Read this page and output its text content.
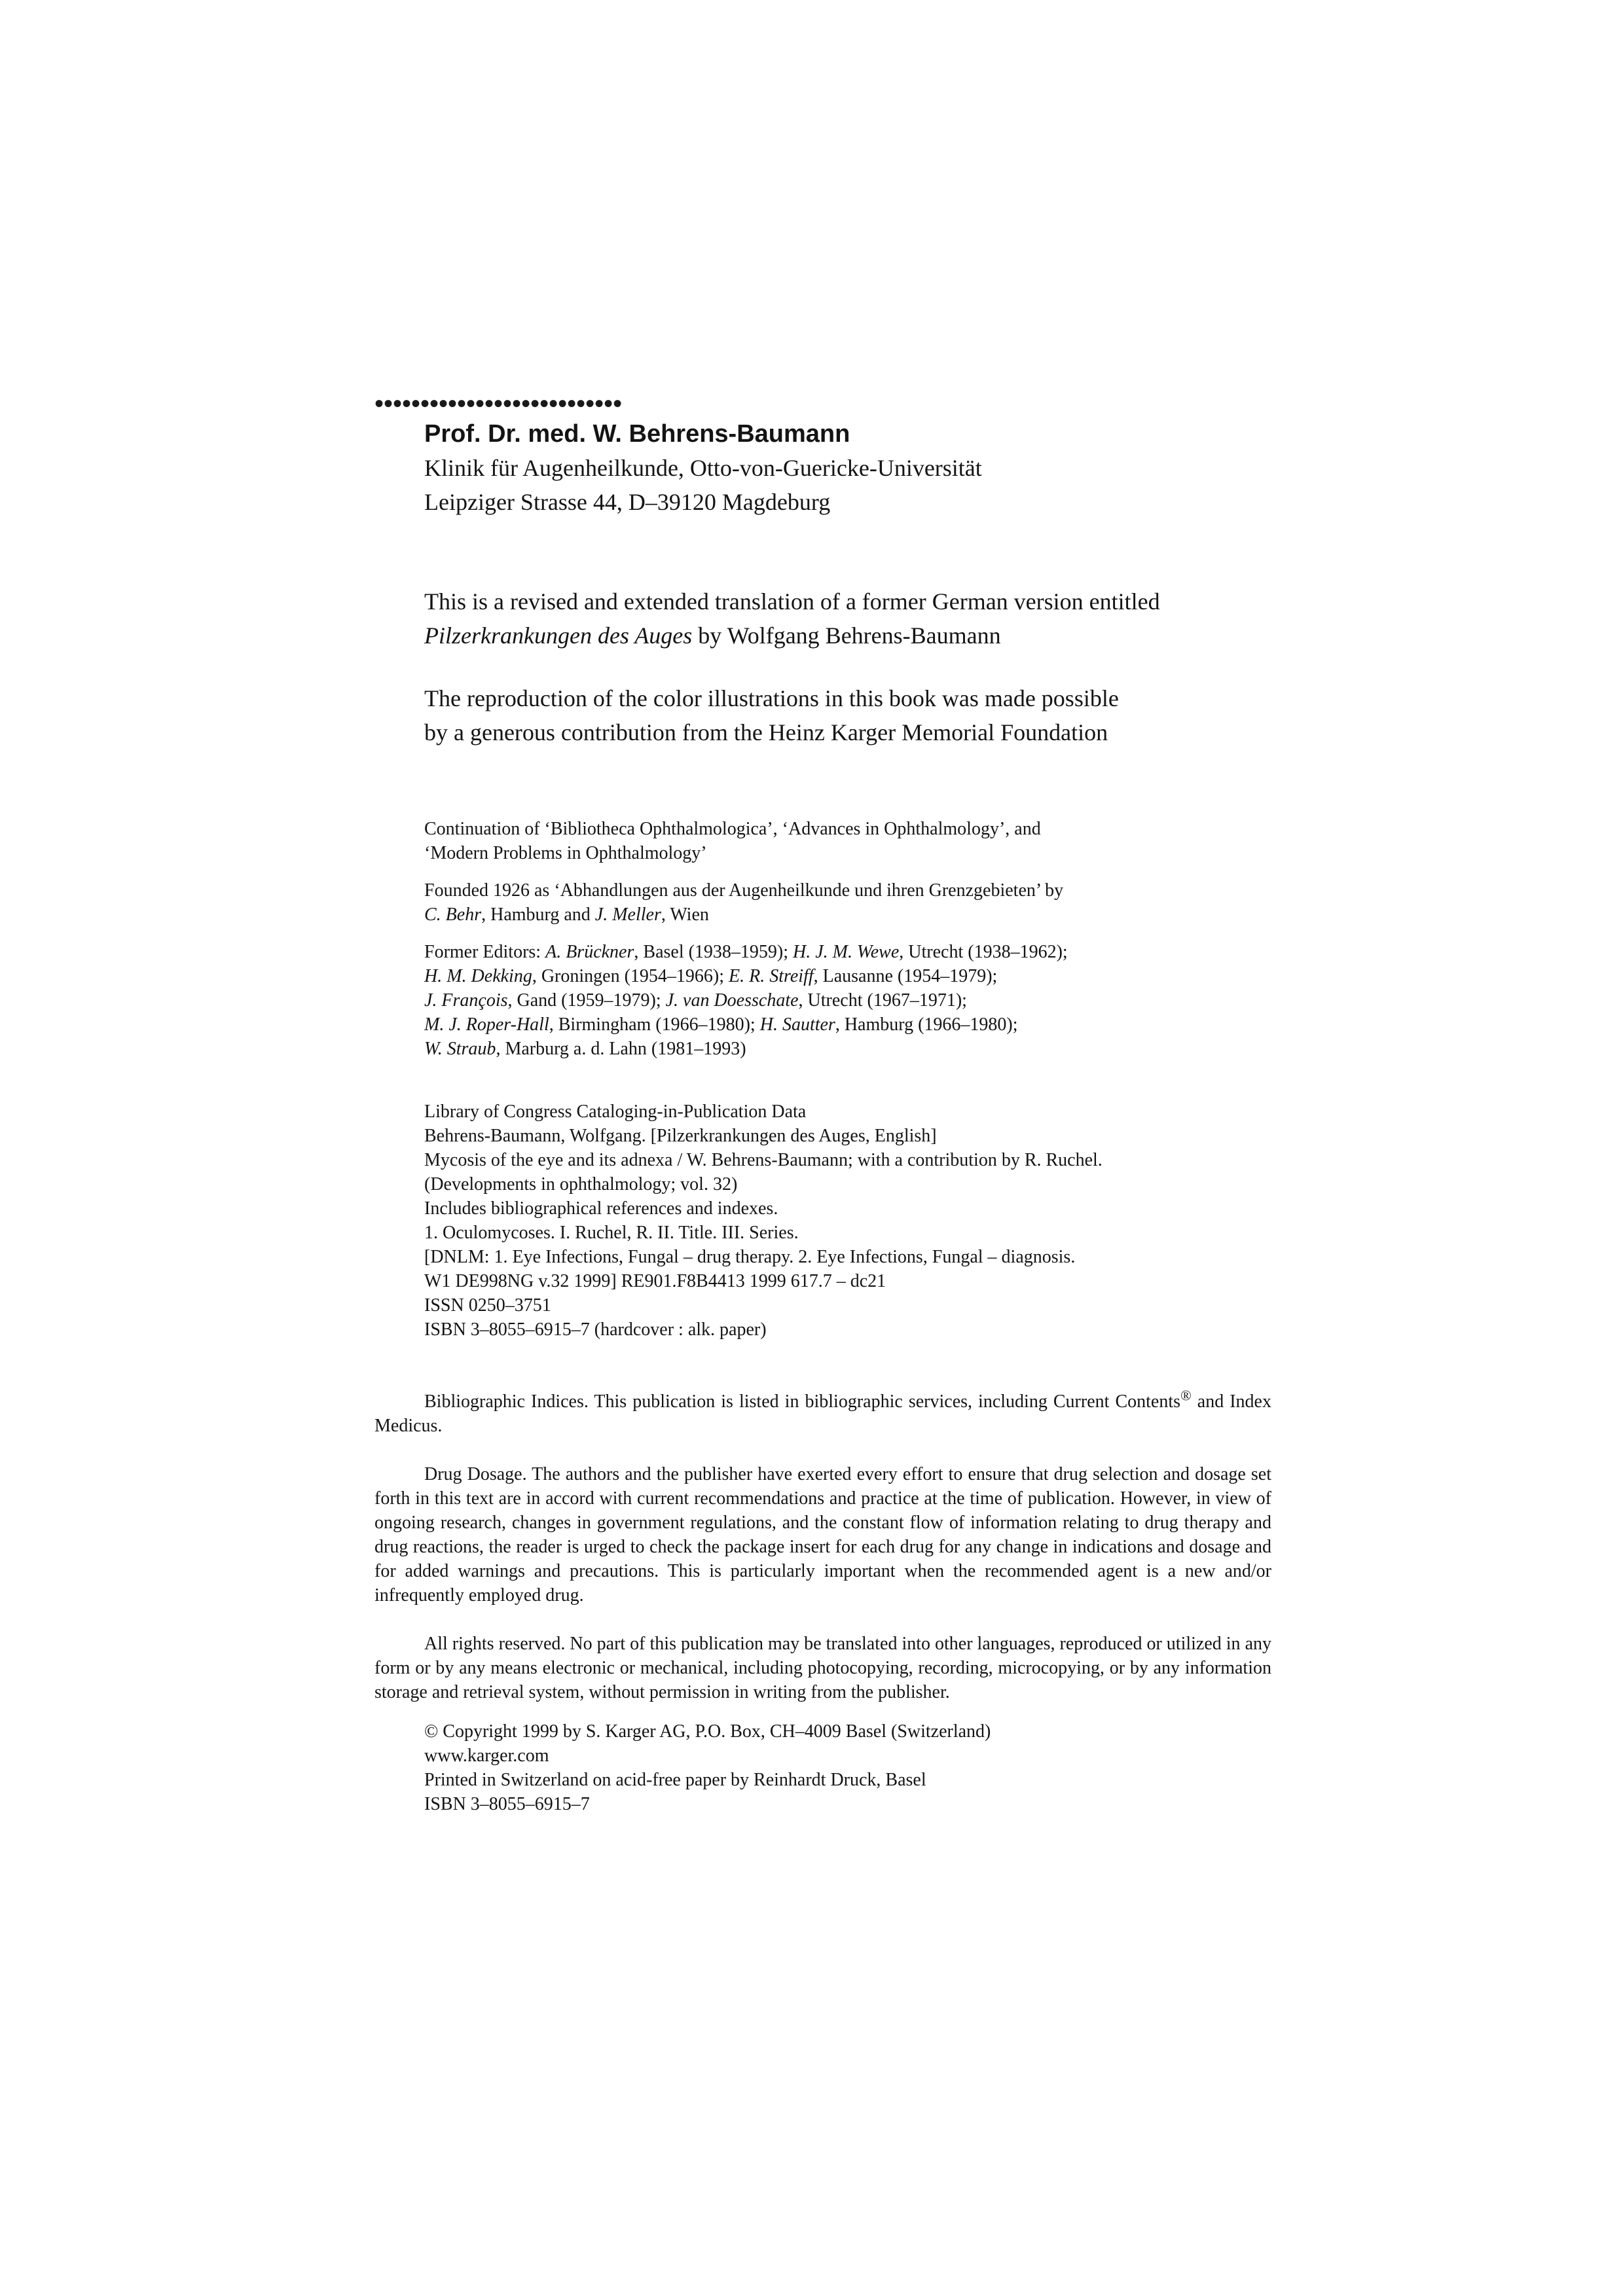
•••••••••••••••••••••••••••
Prof. Dr. med. W. Behrens-Baumann
Klinik für Augenheilkunde, Otto-von-Guericke-Universität
Leipziger Strasse 44, D–39120 Magdeburg

This is a revised and extended translation of a former German version entitled
Pilzerkrankungen des Auges by Wolfgang Behrens-Baumann

The reproduction of the color illustrations in this book was made possible
by a generous contribution from the Heinz Karger Memorial Foundation

Continuation of ‘Bibliotheca Ophthalmologica’, ‘Advances in Ophthalmology’, and
‘Modern Problems in Ophthalmology’

Founded 1926 as ‘Abhandlungen aus der Augenheilkunde und ihren Grenzgebieten’ by
C. Behr, Hamburg and J. Meller, Wien

Former Editors: A. Brückner, Basel (1938–1959); H. J. M. Wewe, Utrecht (1938–1962);
H. M. Dekking, Groningen (1954–1966); E. R. Streiff, Lausanne (1954–1979);
J. François, Gand (1959–1979); J. van Doesschate, Utrecht (1967–1971);
M. J. Roper-Hall, Birmingham (1966–1980); H. Sautter, Hamburg (1966–1980);
W. Straub, Marburg a. d. Lahn (1981–1993)

Library of Congress Cataloging-in-Publication Data
Behrens-Baumann, Wolfgang. [Pilzerkrankungen des Auges, English]
Mycosis of the eye and its adnexa / W. Behrens-Baumann; with a contribution by R. Ruchel.
(Developments in ophthalmology; vol. 32)
Includes bibliographical references and indexes.
1. Oculomycoses. I. Ruchel, R. II. Title. III. Series.
[DNLM: 1. Eye Infections, Fungal – drug therapy. 2. Eye Infections, Fungal – diagnosis.
W1 DE998NG v.32 1999] RE901.F8B4413 1999 617.7 – dc21
ISSN 0250–3751
ISBN 3–8055–6915–7 (hardcover : alk. paper)

Bibliographic Indices. This publication is listed in bibliographic services, including Current Contents® and Index Medicus.

Drug Dosage. The authors and the publisher have exerted every effort to ensure that drug selection and dosage set forth in this text are in accord with current recommendations and practice at the time of publication. However, in view of ongoing research, changes in government regulations, and the constant flow of information relating to drug therapy and drug reactions, the reader is urged to check the package insert for each drug for any change in indications and dosage and for added warnings and precautions. This is particularly important when the recommended agent is a new and/or infrequently employed drug.

All rights reserved. No part of this publication may be translated into other languages, reproduced or utilized in any form or by any means electronic or mechanical, including photocopying, recording, microcopying, or by any information storage and retrieval system, without permission in writing from the publisher.

© Copyright 1999 by S. Karger AG, P.O. Box, CH–4009 Basel (Switzerland)
www.karger.com
Printed in Switzerland on acid-free paper by Reinhardt Druck, Basel
ISBN 3–8055–6915–7
